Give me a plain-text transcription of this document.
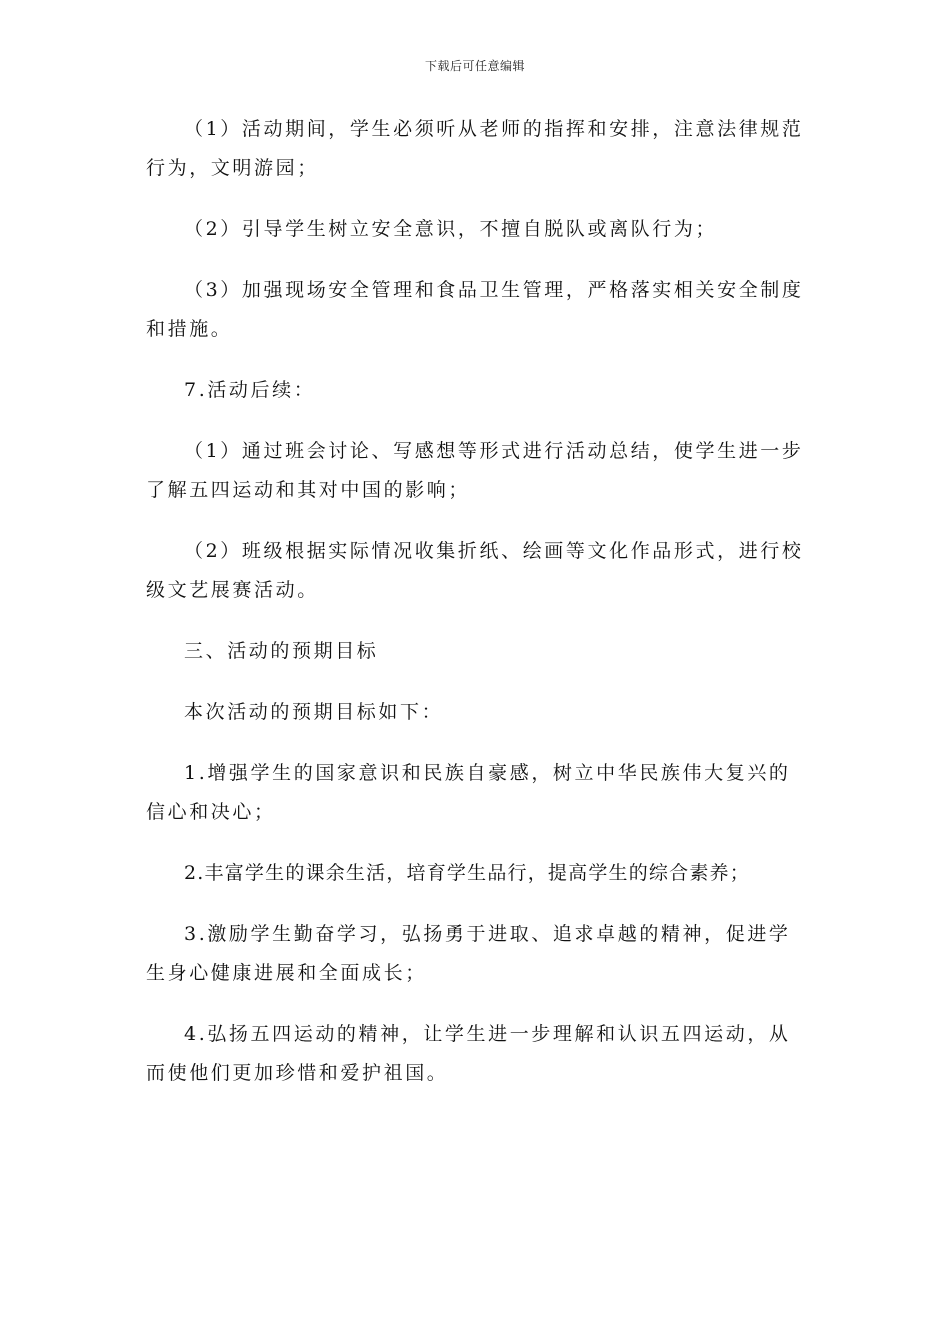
下载后可任意编辑

（1）活动期间，学生必须听从老师的指挥和安排，注意法律规范行为，文明游园；

（2）引导学生树立安全意识，不擅自脱队或离队行为；

（3）加强现场安全管理和食品卫生管理，严格落实相关安全制度和措施。

7.活动后续：

（1）通过班会讨论、写感想等形式进行活动总结，使学生进一步了解五四运动和其对中国的影响；

（2）班级根据实际情况收集折纸、绘画等文化作品形式，进行校级文艺展赛活动。

三、活动的预期目标

本次活动的预期目标如下：

1.增强学生的国家意识和民族自豪感，树立中华民族伟大复兴的信心和决心；

2.丰富学生的课余生活，培育学生品行，提高学生的综合素养；

3.激励学生勤奋学习，弘扬勇于进取、追求卓越的精神，促进学生身心健康进展和全面成长；

4.弘扬五四运动的精神，让学生进一步理解和认识五四运动，从而使他们更加珍惜和爱护祖国。
